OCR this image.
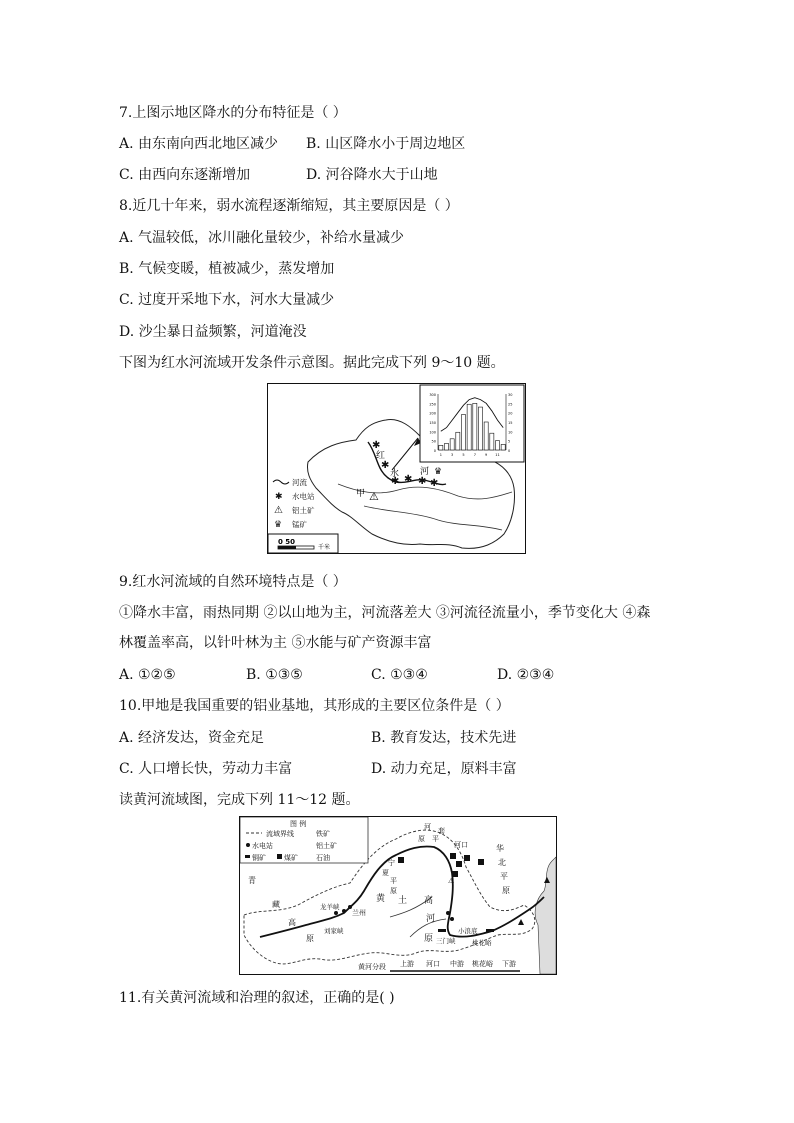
7.上图示地区降水的分布特征是（ ）
A. 由东南向西北地区减少 B. 山区降水小于周边地区
C. 由西向东逐渐增加	D. 河谷降水大于山地
8.近几十年来，弱水流程逐渐缩短，其主要原因是（ ）
A. 气温较低，冰川融化量较少，补给水量减少
B. 气候变暖，植被减少，蒸发增加
C. 过度开采地下水，河水大量减少
D. 沙尘暴日益频繁，河道淹没
下图为红水河流域开发条件示意图。据此完成下列 9～10 题。
✱
✱
✱ ✱ ✱ ✱
红
水 河 ♛
甲 ⚠
河流
✱ 水电站
⚠ 铝土矿
♛ 锰矿
0 50
千米
300
250
200
150
100
50
0
30
25
20
15
10
5
0
1	3	5	7	9 11
9.红水河流域的自然环境特点是（ ）
①降水丰富，雨热同期 ②以山地为主，河流落差大 ③河流径流量小，季节变化大 ④森
林覆盖率高，以针叶林为主 ⑤水能与矿产资源丰富
A. ①②⑤	B. ①③⑤	C. ①③④	D. ②③④
10.甲地是我国重要的铝业基地，其形成的主要区位条件是（ ）
A. 经济发达，资金充足	B. 教育发达，技术先进
C. 人口增长快，劳动力丰富	D. 动力充足，原料丰富
读黄河流域图，完成下列 11～12 题。
图 例
流域界线	铁矿
水电站	铝土矿
铜矿	煤矿	石油
⚠
青
藏
高
原
龙羊峡
刘家峡
兰州
宁
夏
平
原
黄 土 高
河
原
河口
河 套
平
原
小浪底
三门峡	桃花峪
华
北
平
原
黄河分段 上游 河口 中游 桃花峪 下游
11.有关黄河流域和治理的叙述，正确的是( )
